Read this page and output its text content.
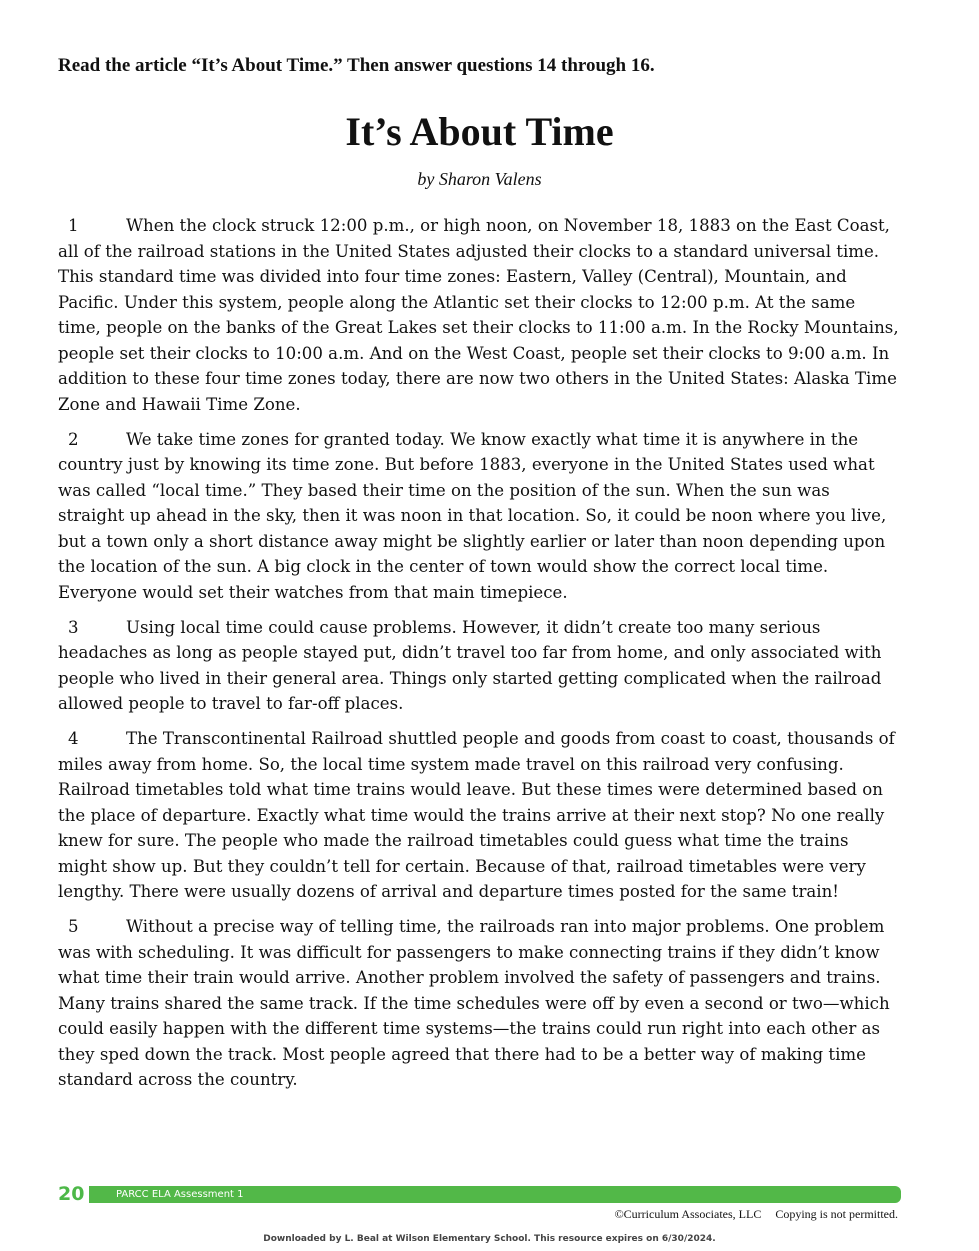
Read the article “It’s About Time.” Then answer questions 14 through 16.
It’s About Time
by Sharon Valens

1	When the clock struck 12:00 p.m., or high noon, on November 18, 1883 on the East Coast, all of the railroad stations in the United States adjusted their clocks to a standard universal time. This standard time was divided into four time zones: Eastern, Valley (Central), Mountain, and Pacific. Under this system, people along the Atlantic set their clocks to 12:00 p.m. At the same time, people on the banks of the Great Lakes set their clocks to 11:00 a.m. In the Rocky Mountains, people set their clocks to 10:00 a.m. And on the West Coast, people set their clocks to 9:00 a.m. In addition to these four time zones today, there are now two others in the United States: Alaska Time Zone and Hawaii Time Zone.

2	We take time zones for granted today. We know exactly what time it is anywhere in the country just by knowing its time zone. But before 1883, everyone in the United States used what was called “local time.” They based their time on the position of the sun. When the sun was straight up ahead in the sky, then it was noon in that location. So, it could be noon where you live, but a town only a short distance away might be slightly earlier or later than noon depending upon the location of the sun. A big clock in the center of town would show the correct local time. Everyone would set their watches from that main timepiece.

3	Using local time could cause problems. However, it didn’t create too many serious headaches as long as people stayed put, didn’t travel too far from home, and only associated with people who lived in their general area. Things only started getting complicated when the railroad allowed people to travel to far-off places.

4	The Transcontinental Railroad shuttled people and goods from coast to coast, thousands of miles away from home. So, the local time system made travel on this railroad very confusing. Railroad timetables told what time trains would leave. But these times were determined based on the place of departure. Exactly what time would the trains arrive at their next stop? No one really knew for sure. The people who made the railroad timetables could guess what time the trains might show up. But they couldn’t tell for certain. Because of that, railroad timetables were very lengthy. There were usually dozens of arrival and departure times posted for the same train!

5	Without a precise way of telling time, the railroads ran into major problems. One problem was with scheduling. It was difficult for passengers to make connecting trains if they didn’t know what time their train would arrive. Another problem involved the safety of passengers and trains. Many trains shared the same track. If the time schedules were off by even a second or two—which could easily happen with the different time systems—the trains could run right into each other as they sped down the track. Most people agreed that there had to be a better way of making time standard across the country.

20	PARCC ELA Assessment 1
©Curriculum Associates, LLC Copying is not permitted.
Downloaded by L. Beal at Wilson Elementary School. This resource expires on 6/30/2024.
